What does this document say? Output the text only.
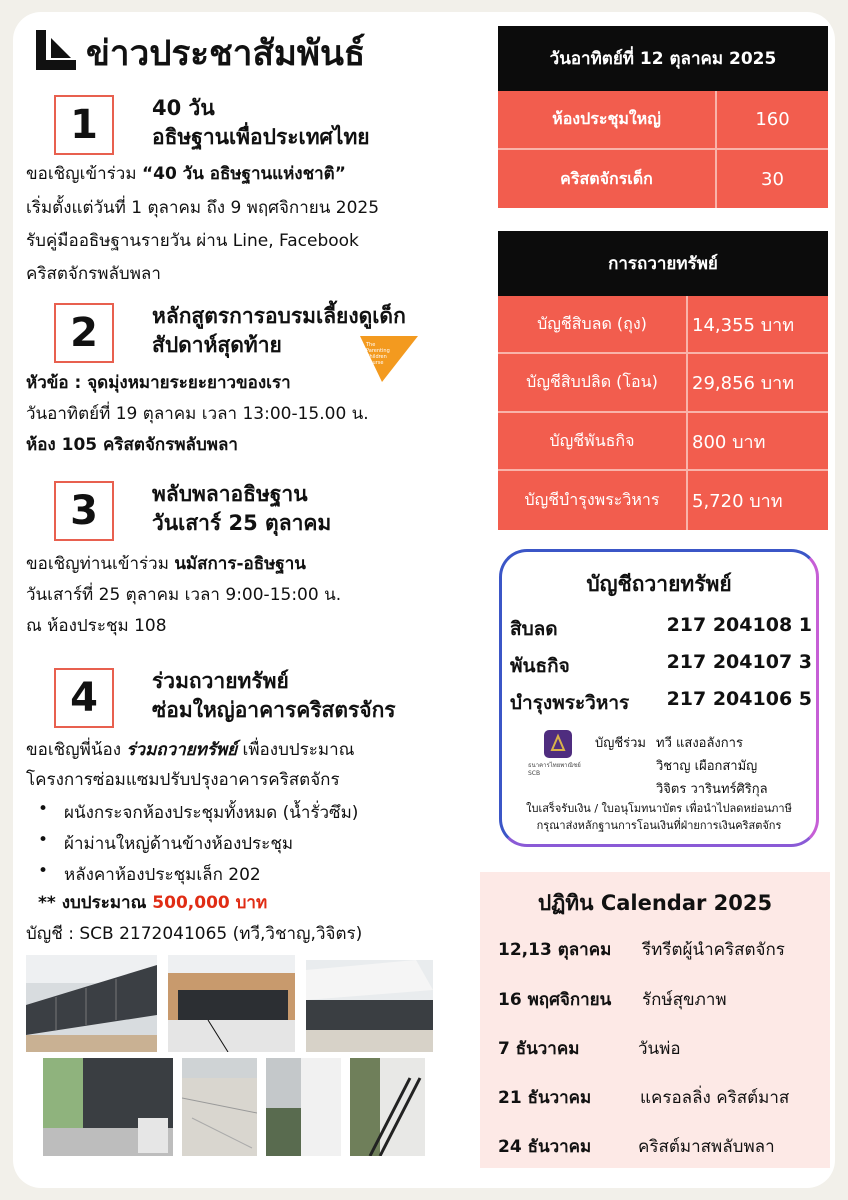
ข่าวประชาสัมพันธ์
1	40 วัน
อธิษฐานเพื่อประเทศไทย
ขอเชิญเข้าร่วม “40 วัน อธิษฐานแห่งชาติ”
เริ่มตั้งแต่วันที่ 1 ตุลาคม ถึง 9 พฤศจิกายน 2025
รับคู่มืออธิษฐานรายวัน ผ่าน Line, Facebook
คริสตจักรพลับพลา
2	หลักสูตรการอบรมเลี้ยงดูเด็ก
สัปดาห์สุดท้าย	The
Parenting
Children
Course
หัวข้อ : จุดมุ่งหมายระยะยาวของเรา
วันอาทิตย์ที่ 19 ตุลาคม เวลา 13:00-15.00 น.
ห้อง 105 คริสตจักรพลับพลา
3	พลับพลาอธิษฐาน
วันเสาร์ 25 ตุลาคม
ขอเชิญท่านเข้าร่วม นมัสการ-อธิษฐาน
วันเสาร์ที่ 25 ตุลาคม เวลา 9:00-15:00 น.
ณ ห้องประชุม 108
4	ร่วมถวายทรัพย์
ซ่อมใหญ่อาคารคริสตรจักร
ขอเชิญพี่น้อง ร่วมถวายทรัพย์ เพื่องบประมาณ
โครงการซ่อมแซมปรับปรุงอาคารคริสตจักร
• ผนังกระจกห้องประชุมทั้งหมด (น้ำรั่วซึม)
• ผ้าม่านใหญ่ด้านข้างห้องประชุม
• หลังคาห้องประชุมเล็ก 202
** งบประมาณ 500,000 บาท
บัญชี : SCB 2172041065 (ทวี,วิชาญ,วิจิตร)
วันอาทิตย์ที่ 12 ตุลาคม 2025
ห้องประชุมใหญ่	160
คริสตจักรเด็ก	30
การถวายทรัพย์
บัญชีสิบลด (ถุง)	14,355 บาท
บัญชีสิบปลิด (โอน)	29,856 บาท
บัญชีพันธกิจ	800 บาท
บัญชีบำรุงพระวิหาร	5,720 บาท
บัญชีถวายทรัพย์
สิบลด	217 204108 1
พันธกิจ	217 204107 3
บำรุงพระวิหาร 217 204106 5
ธนาคารไทยพาณิชย์
SCB
บัญชีร่วม ทวี แสงอลังการ
วิชาญ เผือกสามัญ
วิจิตร วารินทร์ศิริกุล
ใบเสร็จรับเงิน / ใบอนุโมทนาบัตร เพื่อนำไปลดหย่อนภาษี
กรุณาส่งหลักฐานการโอนเงินที่ฝ่ายการเงินคริสตจักร
ปฏิทิน Calendar 2025
12,13 ตุลาคม รีทรีตผู้นำคริสตจักร
16 พฤศจิกายน รักษ์สุขภาพ
7 ธันวาคม	วันพ่อ
21 ธันวาคม	แครอลลิ่ง คริสต์มาส
24 ธันวาคม	คริสต์มาสพลับพลา
